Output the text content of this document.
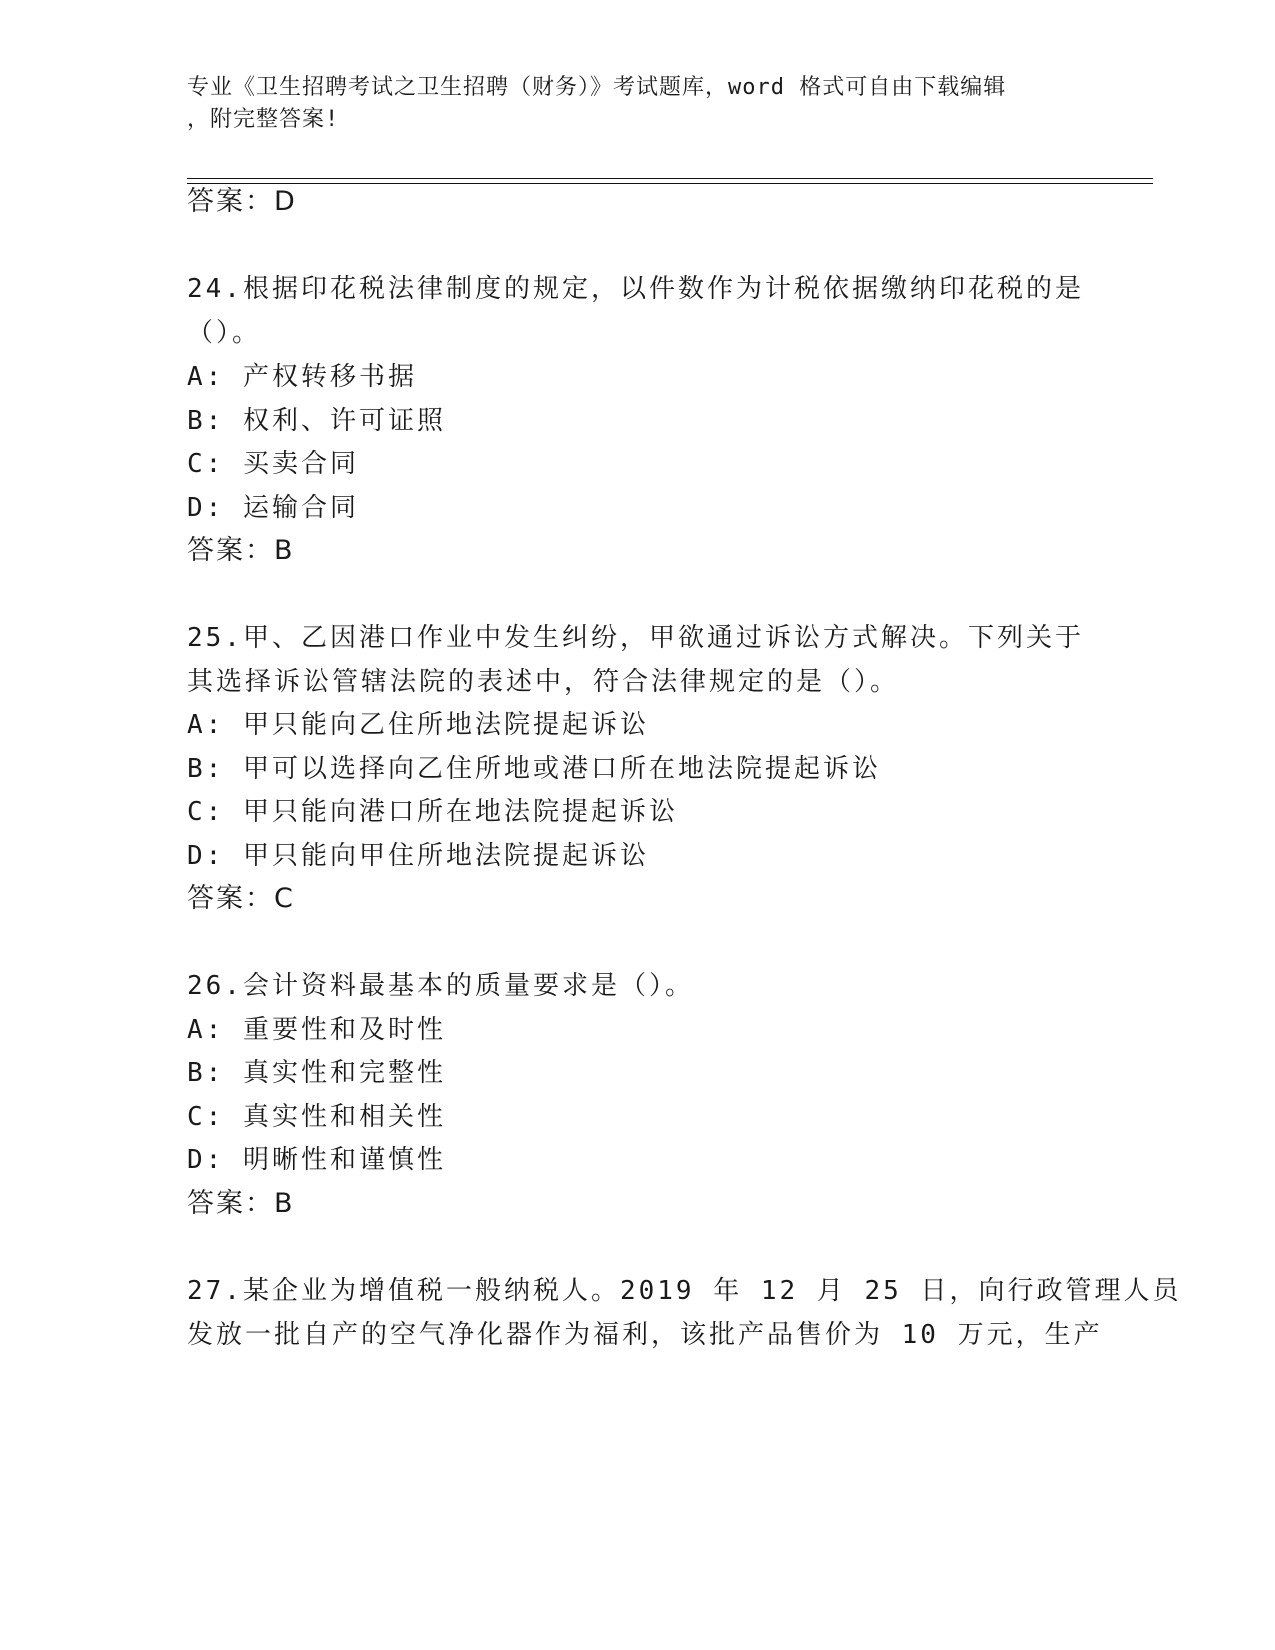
专业《卫生招聘考试之卫生招聘（财务）》考试题库，word 格式可自由下载编辑
，附完整答案!
答案：D
24.根据印花税法律制度的规定，以件数作为计税依据缴纳印花税的是
（）。
A: 产权转移书据
B: 权利、许可证照
C: 买卖合同
D: 运输合同
答案：B
25.甲、乙因港口作业中发生纠纷，甲欲通过诉讼方式解决。下列关于
其选择诉讼管辖法院的表述中，符合法律规定的是（）。
A: 甲只能向乙住所地法院提起诉讼
B: 甲可以选择向乙住所地或港口所在地法院提起诉讼
C: 甲只能向港口所在地法院提起诉讼
D: 甲只能向甲住所地法院提起诉讼
答案：C
26.会计资料最基本的质量要求是（）。
A: 重要性和及时性
B: 真实性和完整性
C: 真实性和相关性
D: 明晰性和谨慎性
答案：B
27.某企业为增值税一般纳税人。2019 年 12 月 25 日，向行政管理人员
发放一批自产的空气净化器作为福利，该批产品售价为 10 万元，生产
